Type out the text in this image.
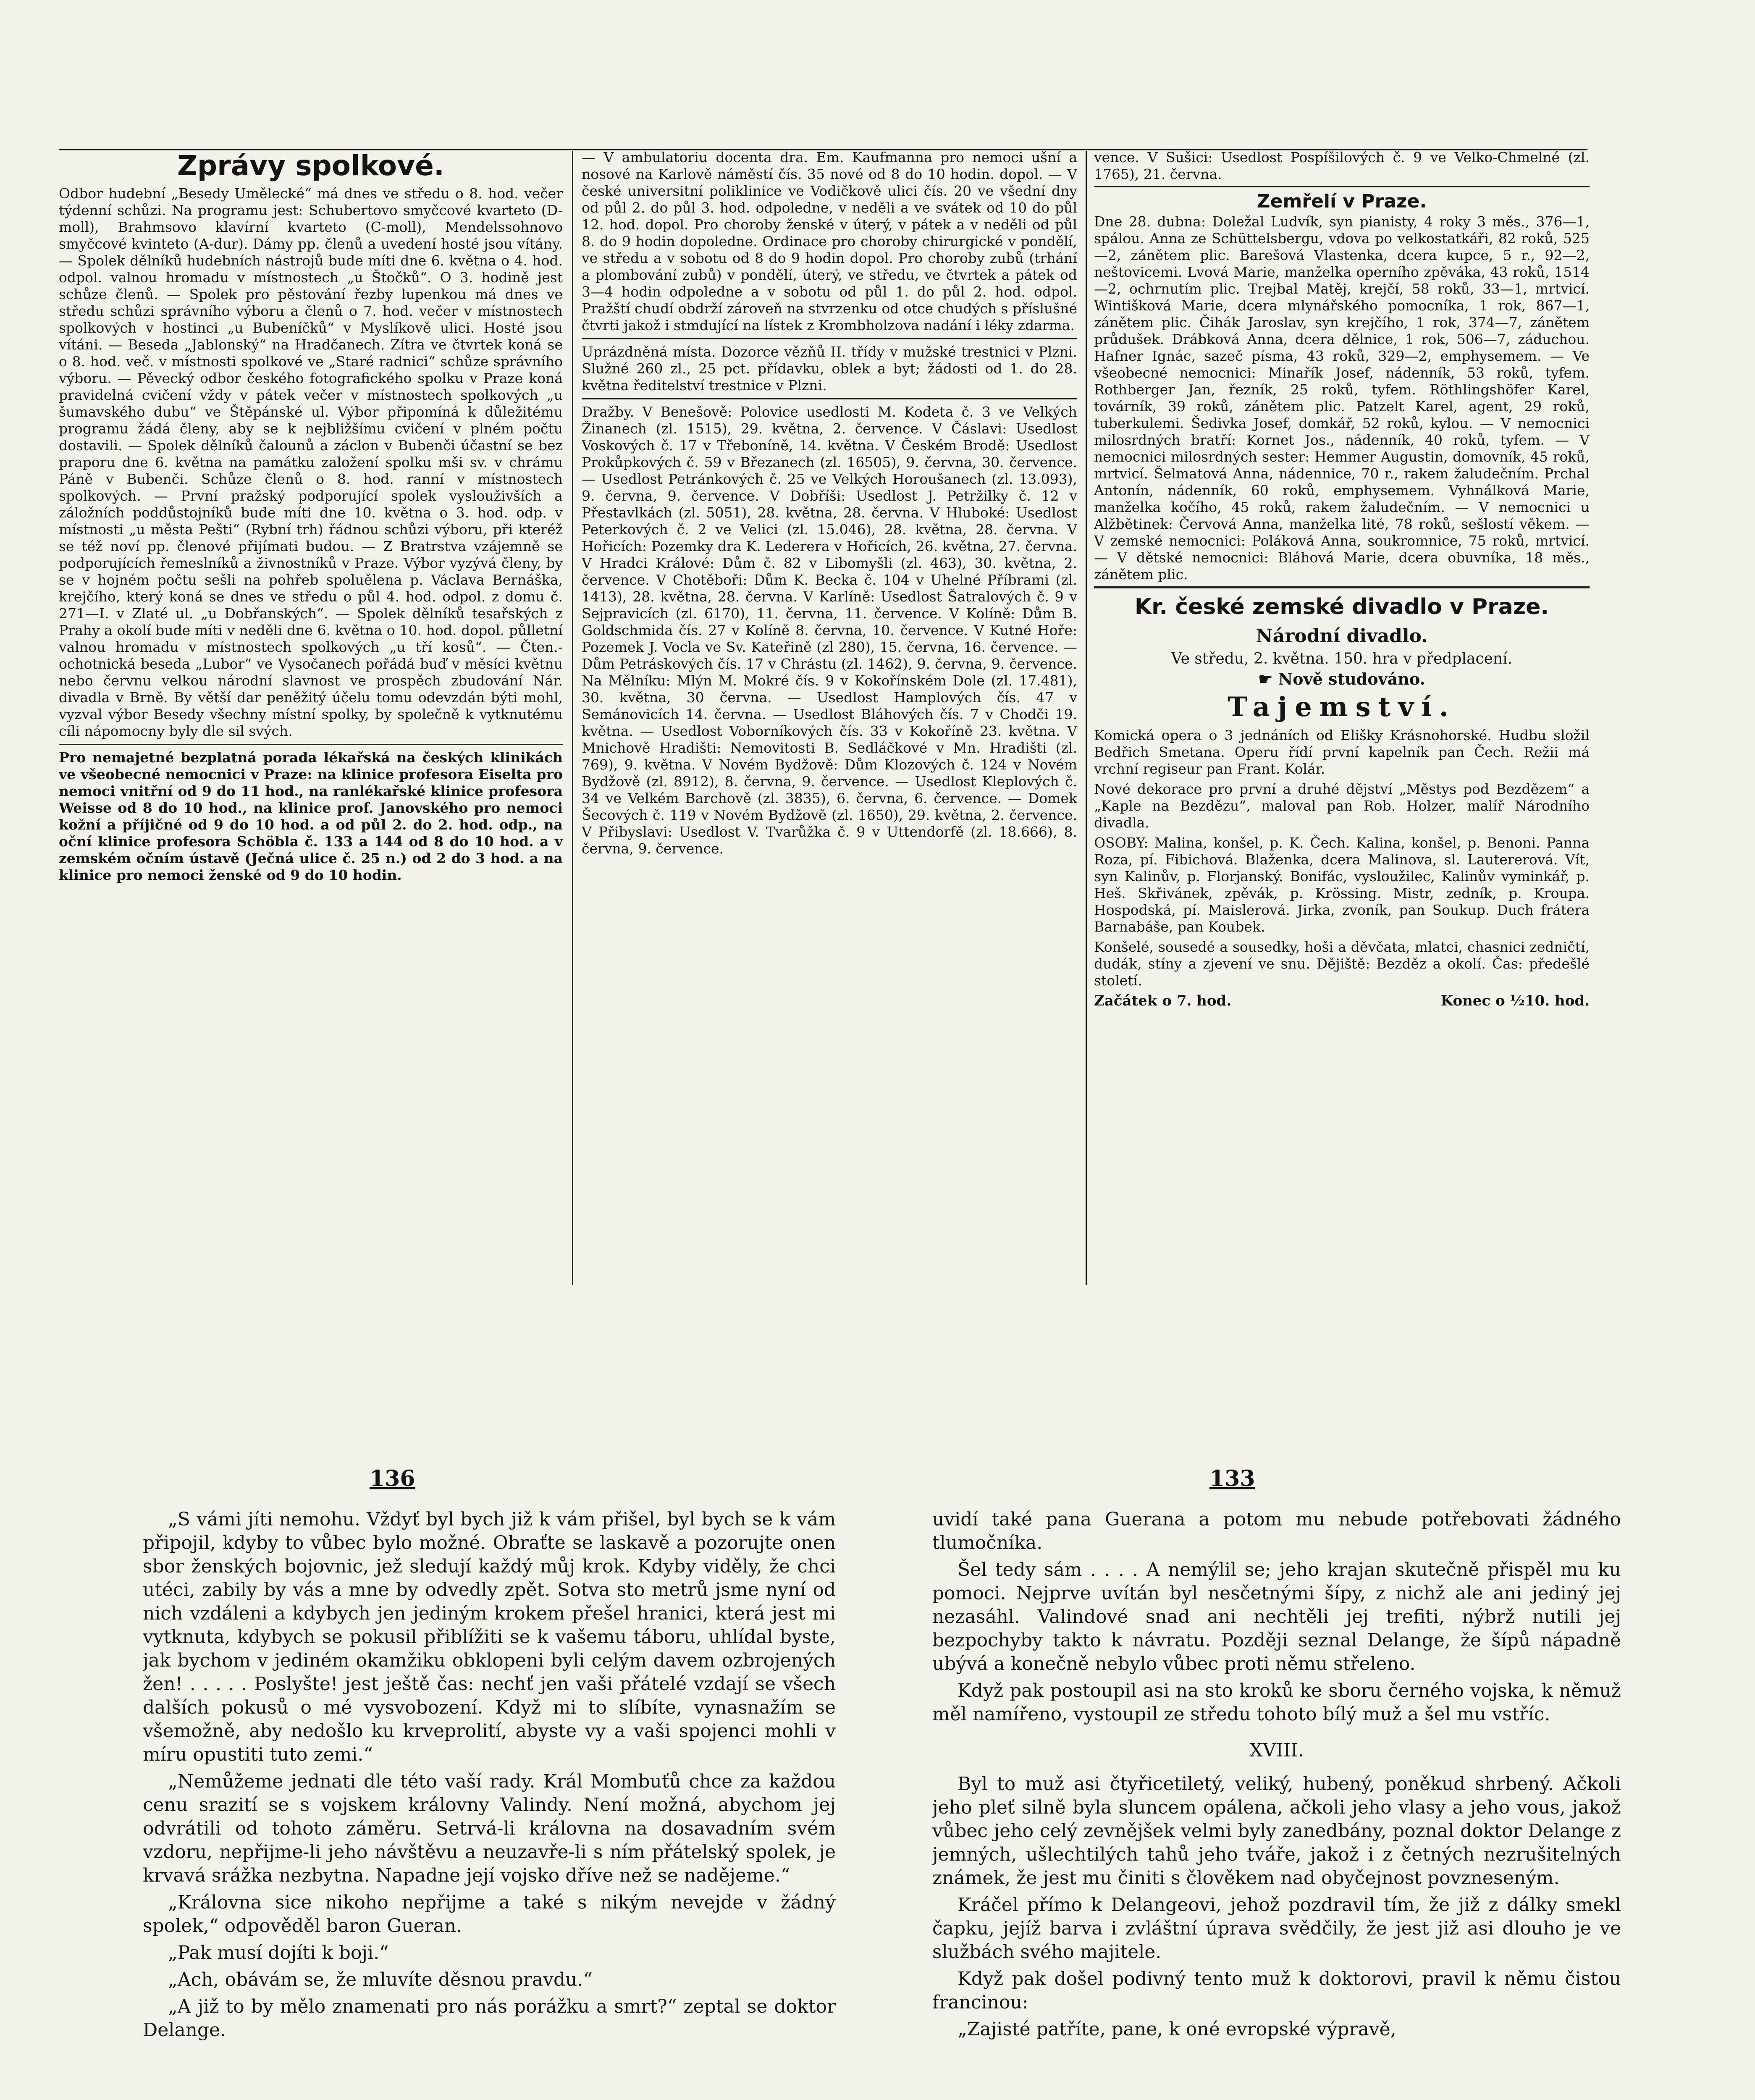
Zprávy spolkové.

Odbor hudební „Besedy Umělecké“ má dnes ve středu o 8. hod. večer týdenní schůzi. Na programu jest: Schubertovo smyčcové kvarteto (D-moll), Brahmsovo klavírní kvarteto (C-moll), Mendelssohnovo smyčcové kvinteto (A-dur). Dámy pp. členů a uvedení hosté jsou vítány. — Spolek dělníků hudebních nástrojů bude míti dne 6. května o 4. hod. odpol. valnou hromadu v místnostech „u Štočků“. O 3. hodině jest schůze členů. — Spolek pro pěstování řezby lupenkou má dnes ve středu schůzi správního výboru a členů o 7. hod. večer v místnostech spolkových v hostinci „u Bubeníčků“ v Myslíkově ulici. Hosté jsou vítáni. — Beseda „Jablonský“ na Hradčanech. Zítra ve čtvrtek koná se o 8. hod. več. v místnosti spolkové ve „Staré radnici“ schůze správního výboru. — Pěvecký odbor českého fotografického spolku v Praze koná pravidelná cvičení vždy v pátek večer v místnostech spolkových „u šumavského dubu“ ve Štěpánské ul. Výbor připomíná k důležitému programu žádá členy, aby se k nejbližšímu cvičení v plném počtu dostavili. — Spolek dělníků čalounů a záclon v Bubenči účastní se bez praporu dne 6. května na památku založení spolku mši sv. v chrámu Páně v Bubenči. Schůze členů o 8. hod. ranní v místnostech spolkových. — První pražský podporující spolek vyslouživších a záložních poddůstojníků bude míti dne 10. května o 3. hod. odp. v místnosti „u města Pešti“ (Rybní trh) řádnou schůzi výboru, při kteréž se též noví pp. členové přijímati budou. — Z Bratrstva vzájemně se podporujících řemeslníků a živnostníků v Praze. Výbor vyzývá členy, by se v hojném počtu sešli na pohřeb spoluělena p. Václava Bernáška, krejčího, který koná se dnes ve středu o půl 4. hod. odpol. z domu č. 271—I. v Zlaté ul. „u Dobřanských“. — Spolek dělníků tesařských z Prahy a okolí bude míti v neděli dne 6. května o 10. hod. dopol. půlletní valnou hromadu v místnostech spolkových „u tří kosů“. — Čten.-ochotnická beseda „Lubor“ ve Vysočanech pořádá buď v měsíci květnu nebo červnu velkou národní slavnost ve prospěch zbudování Nár. divadla v Brně. By větší dar peněžitý účelu tomu odevzdán býti mohl, vyzval výbor Besedy všechny místní spolky, by společně k vytknutému cíli nápomocny byly dle sil svých.

Pro nemajetné bezplatná porada lékařská na českých klinikách ve všeobecné nemocnici v Praze: na klinice profesora Eiselta pro nemoci vnitřní od 9 do 11 hod., na ranlékařské klinice profesora Weisse od 8 do 10 hod., na klinice prof. Janovského pro nemoci kožní a příjičné od 9 do 10 hod. a od půl 2. do 2. hod. odp., na oční klinice profesora Schöbla č. 133 a 144 od 8 do 10 hod. a v zemském očním ústavě (Ječná ulice č. 25 n.) od 2 do 3 hod. a na klinice pro nemoci ženské od 9 do 10 hodin.

— V ambulatoriu docenta dra. Em. Kaufmanna pro nemoci ušní a nosové na Karlově náměstí čís. 35 nové od 8 do 10 hodin. dopol. — V české universitní poliklinice ve Vodičkově ulici čís. 20 ve všední dny od půl 2. do půl 3. hod. odpoledne, v neděli a ve svátek od 10 do půl 12. hod. dopol. Pro choroby ženské v úterý, v pátek a v neděli od půl 8. do 9 hodin dopoledne. Ordinace pro choroby chirurgické v pondělí, ve středu a v sobotu od 8 do 9 hodin dopol. Pro choroby zubů (trhání a plombování zubů) v pondělí, úterý, ve středu, ve čtvrtek a pátek od 3—4 hodin odpoledne a v sobotu od půl 1. do půl 2. hod. odpol. Pražští chudí obdrží zároveň na stvrzenku od otce chudých s příslušné čtvrti jakož i stmdující na lístek z Krombholzova nadání i léky zdarma.

Uprázdněná místa. Dozorce vězňů II. třídy v mužské trestnici v Plzni. Služné 260 zl., 25 pct. přídavku, oblek a byt; žádosti od 1. do 28. května ředitelství trestnice v Plzni.

Dražby. V Benešově: Polovice usedlosti M. Kodeta č. 3 ve Velkých Žinanech (zl. 1515), 29. května, 2. července. V Čáslavi: Usedlost Voskových č. 17 v Třeboníně, 14. května. V Českém Brodě: Usedlost Prokůpkových č. 59 v Březanech (zl. 16505), 9. června, 30. července. — Usedlost Petránkových č. 25 ve Velkých Horoušanech (zl. 13.093), 9. června, 9. července. V Dobříši: Usedlost J. Petržilky č. 12 v Přestavlkách (zl. 5051), 28. května, 28. června. V Hluboké: Usedlost Peterkových č. 2 ve Velici (zl. 15.046), 28. května, 28. června. V Hořicích: Pozemky dra K. Lederera v Hořicích, 26. května, 27. června. V Hradci Králové: Dům č. 82 v Libomyšli (zl. 463), 30. května, 2. července. V Chotěboři: Dům K. Becka č. 104 v Uhelné Příbrami (zl. 1413), 28. května, 28. června. V Karlíně: Usedlost Šatralových č. 9 v Sejpravicích (zl. 6170), 11. června, 11. července. V Kolíně: Dům B. Goldschmida čís. 27 v Kolíně 8. června, 10. července. V Kutné Hoře: Pozemek J. Vocla ve Sv. Kateřině (zl 280), 15. června, 16. července. — Dům Petráskových čís. 17 v Chrástu (zl. 1462), 9. června, 9. července. Na Mělníku: Mlýn M. Mokré čís. 9 v Kokořínském Dole (zl. 17.481), 30. května, 30 června. — Usedlost Hamplových čís. 47 v Semánovicích 14. června. — Usedlost Bláhových čís. 7 v Chodči 19. května. — Usedlost Voborníkových čís. 33 v Kokoříně 23. května. V Mnichově Hradišti: Nemovitosti B. Sedláčkové v Mn. Hradišti (zl. 769), 9. května. V Novém Bydžově: Dům Klozových č. 124 v Novém Bydžově (zl. 8912), 8. června, 9. července. — Usedlost Kleplových č. 34 ve Velkém Barchově (zl. 3835), 6. června, 6. července. — Domek Šecových č. 119 v Novém Bydžově (zl. 1650), 29. května, 2. července. V Přibyslavi: Usedlost V. Tvarůžka č. 9 v Uttendorfě (zl. 18.666), 8. června, 9. července.

vence. V Sušici: Usedlost Pospíšilových č. 9 ve Velko-Chmelné (zl. 1765), 21. června.

Zemřelí v Praze.

Dne 28. dubna: Doležal Ludvík, syn pianisty, 4 roky 3 měs., 376—1, spálou. Anna ze Schüttelsbergu, vdova po velkostatkáři, 82 roků, 525—2, zánětem plic. Barešová Vlastenka, dcera kupce, 5 r., 92—2, neštovicemi. Lvová Marie, manželka operního zpěváka, 43 roků, 1514—2, ochrnutím plic. Trejbal Matěj, krejčí, 58 roků, 33—1, mrtvicí. Wintišková Marie, dcera mlynářského pomocníka, 1 rok, 867—1, zánětem plic. Čihák Jaroslav, syn krejčího, 1 rok, 374—7, zánětem průdušek. Drábková Anna, dcera dělnice, 1 rok, 506—7, záduchou. Hafner Ignác, sazeč písma, 43 roků, 329—2, emphysemem. — Ve všeobecné nemocnici: Minařík Josef, nádenník, 53 roků, tyfem. Rothberger Jan, řezník, 25 roků, tyfem. Röthlingshöfer Karel, továrník, 39 roků, zánětem plic. Patzelt Karel, agent, 29 roků, tuberkulemi. Šedivka Josef, domkář, 52 roků, kylou. — V nemocnici milosrdných bratří: Kornet Jos., nádenník, 40 roků, tyfem. — V nemocnici milosrdných sester: Hemmer Augustin, domovník, 45 roků, mrtvicí. Šelmatová Anna, nádennice, 70 r., rakem žaludečním. Prchal Antonín, nádenník, 60 roků, emphysemem. Vyhnálková Marie, manželka kočího, 45 roků, rakem žaludečním. — V nemocnici u Alžbětinek: Červová Anna, manželka lité, 78 roků, sešlostí věkem. — V zemské nemocnici: Poláková Anna, soukromnice, 75 roků, mrtvicí. — V dětské nemocnici: Bláhová Marie, dcera obuvníka, 18 měs., zánětem plic.

Kr. české zemské divadlo v Praze.

Národní divadlo.

Ve středu, 2. května. 150. hra v předplacení.

☛ Nově studováno.

Tajemství.

Komická opera o 3 jednáních od Elišky Krásnohorské. Hudbu složil Bedřich Smetana. Operu řídí první kapelník pan Čech. Režii má vrchní regiseur pan Frant. Kolár.

Nové dekorace pro první a druhé dějství „Městys pod Bezdězem“ a „Kaple na Bezdězu“, maloval pan Rob. Holzer, malíř Národního divadla.

OSOBY: Malina, konšel, p. K. Čech. Kalina, konšel, p. Benoni. Panna Roza, pí. Fibichová. Blaženka, dcera Malinova, sl. Lautererová. Vít, syn Kalinův, p. Florjanský. Bonifác, vysloužilec, Kalinův vyminkář, p. Heš. Skřivánek, zpěvák, p. Krössing. Mistr, zedník, p. Kroupa. Hospodská, pí. Maislerová. Jirka, zvoník, pan Soukup. Duch frátera Barnabáše, pan Koubek.

Konšelé, sousedé a sousedky, hoši a děvčata, mlatci, chasnici zedničtí, dudák, stíny a zjevení ve snu. Dějiště: Bezděz a okolí. Čas: předešlé století.

Začátek o 7. hod.	Konec o ½10. hod.
136	133

„S vámi jíti nemohu. Vždyť byl bych již k vám přišel, byl bych se k vám připojil, kdyby to vůbec bylo možné. Obraťte se laskavě a pozorujte onen sbor ženských bojovnic, jež sledují každý můj krok. Kdyby viděly, že chci utéci, zabily by vás a mne by odvedly zpět. Sotva sto metrů jsme nyní od nich vzdáleni a kdybych jen jediným krokem přešel hranici, která jest mi vytknuta, kdybych se pokusil přiblížiti se k vašemu táboru, uhlídal byste, jak bychom v jediném okamžiku obklopeni byli celým davem ozbrojených žen! . . . . . Poslyšte! jest ještě čas: nechť jen vaši přátelé vzdají se všech dalších pokusů o mé vysvobození. Když mi to slíbíte, vynasnažím se všemožně, aby nedošlo ku krveprolití, abyste vy a vaši spojenci mohli v míru opustiti tuto zemi.“

„Nemůžeme jednati dle této vaší rady. Král Mombuťů chce za každou cenu srazití se s vojskem královny Valindy. Není možná, abychom jej odvrátili od tohoto záměru. Setrvá-li královna na dosavadním svém vzdoru, nepřijme-li jeho návštěvu a neuzavře-li s ním přátelský spolek, je krvavá srážka nezbytna. Napadne její vojsko dříve než se nadějeme.“

„Královna sice nikoho nepřijme a také s nikým nevejde v žádný spolek,“ odpověděl baron Gueran.

„Pak musí dojíti k boji.“

„Ach, obávám se, že mluvíte děsnou pravdu.“

„A již to by mělo znamenati pro nás porážku a smrt?“ zeptal se doktor Delange.

uvidí také pana Guerana a potom mu nebude potřebovati žádného tlumočníka.

Šel tedy sám . . . . A nemýlil se; jeho krajan skutečně přispěl mu ku pomoci. Nejprve uvítán byl nesčetnými šípy, z nichž ale ani jediný jej nezasáhl. Valindové snad ani nechtěli jej trefiti, nýbrž nutili jej bezpochyby takto k návratu. Později seznal Delange, že šípů nápadně ubývá a konečně nebylo vůbec proti němu střeleno.

Když pak postoupil asi na sto kroků ke sboru černého vojska, k němuž měl namířeno, vystoupil ze středu tohoto bílý muž a šel mu vstříc.

XVIII.

Byl to muž asi čtyřicetiletý, veliký, hubený, poněkud shrbený. Ačkoli jeho pleť silně byla sluncem opálena, ačkoli jeho vlasy a jeho vous, jakož vůbec jeho celý zevnějšek velmi byly zanedbány, poznal doktor Delange z jemných, ušlechtilých tahů jeho tváře, jakož i z četných nezrušitelných známek, že jest mu činiti s člověkem nad obyčejnost povzneseným.

Kráčel přímo k Delangeovi, jehož pozdravil tím, že již z dálky smekl čapku, jejíž barva i zvláštní úprava svědčily, že jest již asi dlouho je ve službách svého majitele.

Když pak došel podivný tento muž k doktorovi, pravil k němu čistou francinou:

„Zajisté patříte, pane, k oné evropské výpravě,
